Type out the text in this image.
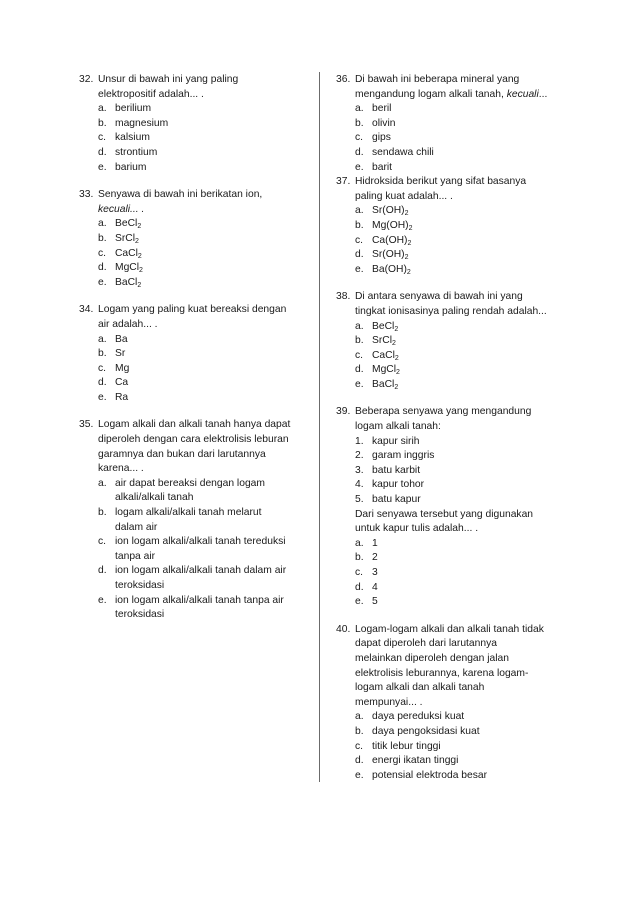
32. Unsur di bawah ini yang paling
elektropositif adalah... .
a. berilium
b. magnesium
c. kalsium
d. strontium
e. barium
33. Senyawa di bawah ini berikatan ion,
kecuali... .
a. BeCl$_2$
b. SrCl$_2$
c. CaCl$_2$
d. MgCl$_2$
e. BaCl$_2$
34. Logam yang paling kuat bereaksi dengan
air adalah... .
a. Ba
b. Sr
c. Mg
d. Ca
e. Ra
35. Logam alkali dan alkali tanah hanya dapat
diperoleh dengan cara elektrolisis leburan
garamnya dan bukan dari larutannya
karena... .
a. air dapat bereaksi dengan logam
alkali/alkali tanah
b. logam alkali/alkali tanah melarut
dalam air
c. ion logam alkali/alkali tanah tereduksi
tanpa air
d. ion logam alkali/alkali tanah dalam air
teroksidasi
e. ion logam alkali/alkali tanah tanpa air
teroksidasi
36. Di bawah ini beberapa mineral yang
mengandung logam alkali tanah, kecuali...
a. beril
b. olivin
c. gips
d. sendawa chili
e. barit
37. Hidroksida berikut yang sifat basanya
paling kuat adalah... .
a. $Sr(OH)_2$
b. $Mg(OH)_2$
c. $Ca(OH)_2$
d. $Sr(OH)_2$
e. $Ba(OH)_2$
38. Di antara senyawa di bawah ini yang
tingkat ionisasinya paling rendah adalah...
a. BeCl$_2$
b. SrCl$_2$
c. CaCl$_2$
d. MgCl$_2$
e. BaCl$_2$
39. Beberapa senyawa yang mengandung
logam alkali tanah:
1. kapur sirih
2. garam inggris
3. batu karbit
4. kapur tohor
5. batu kapur
Dari senyawa tersebut yang digunakan
untuk kapur tulis adalah... .
a. 1
b. 2
c. 3
d. 4
e. 5
40. Logam-logam alkali dan alkali tanah tidak
dapat diperoleh dari larutannya
melainkan diperoleh dengan jalan
elektrolisis leburannya, karena logam-
logam alkali dan alkali tanah
mempunyai... .
a. daya pereduksi kuat
b. daya pengoksidasi kuat
c. titik lebur tinggi
d. energi ikatan tinggi
e. potensial elektroda besar
